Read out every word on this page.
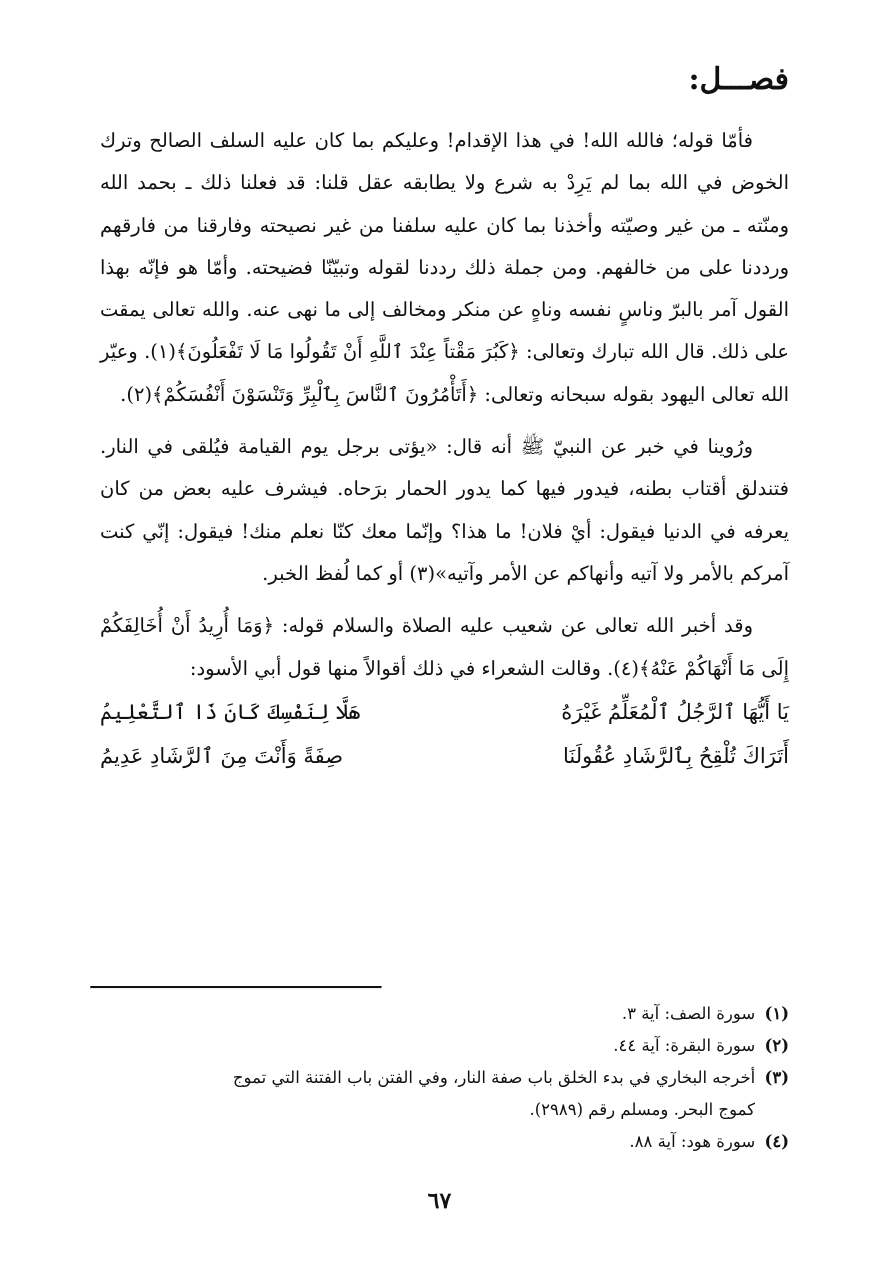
فصـــل:

فأمّا قوله؛ فالله الله! في هذا الإقدام! وعليكم بما كان عليه السلف الصالح وترك الخوض في الله بما لم يَرِدْ به شرع ولا يطابقه عقل قلنا: قد فعلنا ذلك ـ بحمد الله ومنّته ـ من غير وصيّته وأخذنا بما كان عليه سلفنا من غير نصيحته وفارقنا من فارقهم ورددنا على من خالفهم. ومن جملة ذلك رددنا لقوله وتبيّنّا فضيحته. وأمّا هو فإنّه بهذا القول آمر بالبرّ وناسٍ نفسه وناهٍ عن منكر ومخالف إلى ما نهى عنه. والله تعالى يمقت على ذلك. قال الله تبارك وتعالى: ﴿كَبُرَ مَقْتاً عِنْدَ ٱللَّهِ أَنْ تَقُولُوا مَا لَا تَفْعَلُونَ﴾(١). وعيّر الله تعالى اليهود بقوله سبحانه وتعالى: ﴿أَتَأْمُرُونَ ٱلنَّاسَ بِٱلْبِرِّ وَتَنْسَوْنَ أَنْفُسَكُمْ﴾(٢).

ورُوينا في خبر عن النبيّ ﷺ أنه قال: «يؤتى برجل يوم القيامة فيُلقى في النار. فتندلق أقتاب بطنه، فيدور فيها كما يدور الحمار برَحاه. فيشرف عليه بعض من كان يعرفه في الدنيا فيقول: أيْ فلان! ما هذا؟ وإنّما معك كنّا نعلم منك! فيقول: إنّي كنت آمركم بالأمر ولا آتيه وأنهاكم عن الأمر وآتيه»(٣) أو كما لُفظ الخبر.

وقد أخبر الله تعالى عن شعيب عليه الصلاة والسلام قوله: ﴿وَمَا أُرِيدُ أَنْ أُخَالِفَكُمْ إِلَى مَا أَنْهَاكُمْ عَنْهُ﴾(٤). وقالت الشعراء في ذلك أقوالاً منها قول أبي الأسود:

يَا أَيُّهَا ٱلرَّجُلُ ٱلْمُعَلِّمُ غَيْرَهُ
هَلَّا لِنَفْسِكَ كَانَ ذَا ٱلتَّعْلِيمُ
أَتَرَاكَ تُلْقِحُ بِٱلرَّشَادِ عُقُولَنَا
صِفَةً وَأَنْتَ مِنَ ٱلرَّشَادِ عَدِيمُ
(١) سورة الصف: آية ٣.
(٢) سورة البقرة: آية ٤٤.
(٣) أخرجه البخاري في بدء الخلق باب صفة النار، وفي الفتن باب الفتنة التي تموج
كموج البحر. ومسلم رقم (٢٩٨٩).
(٤) سورة هود: آية ٨٨.
٦٧
